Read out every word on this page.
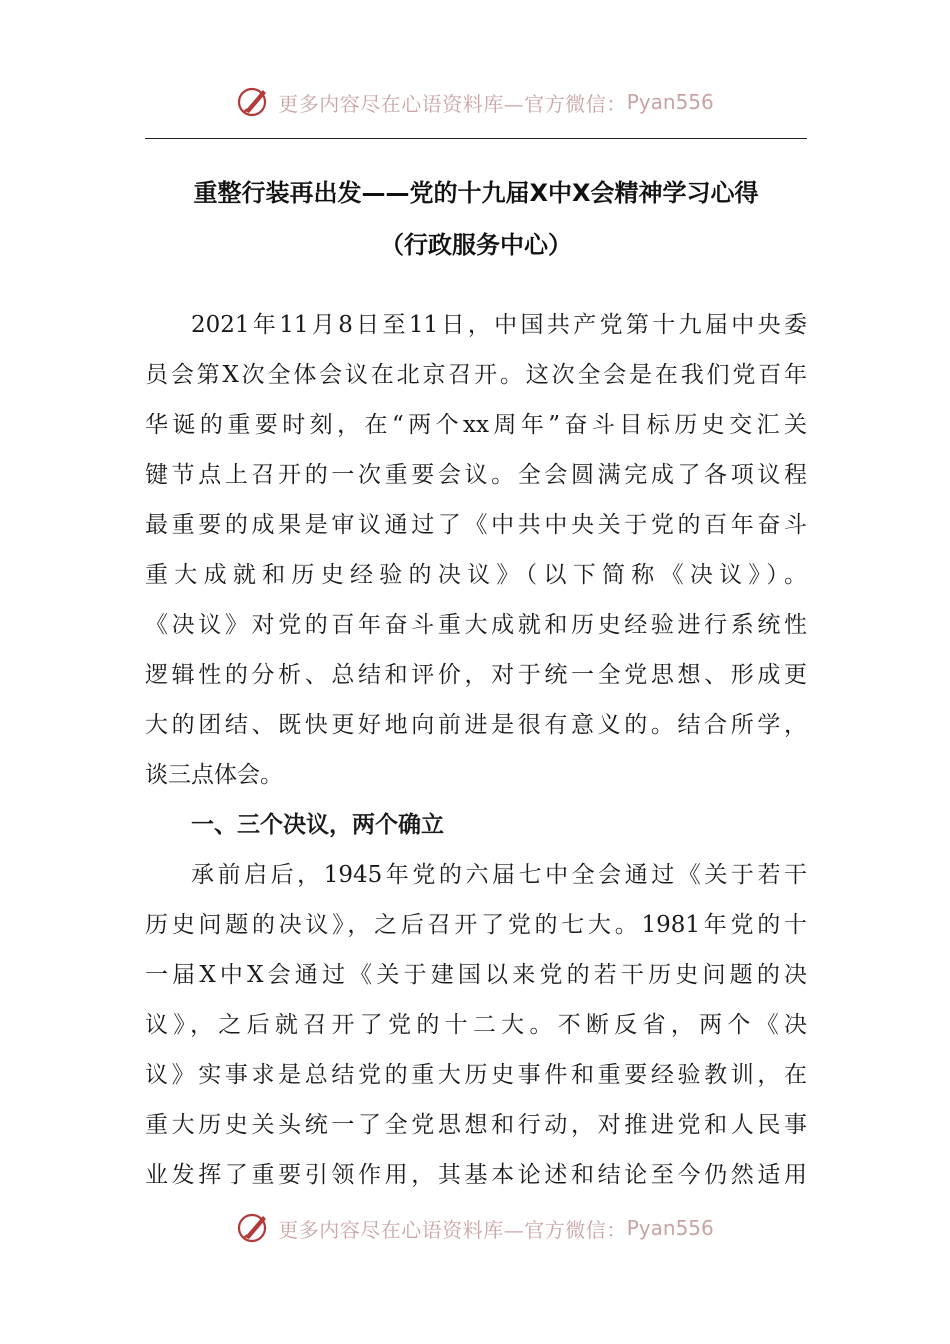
更多内容尽在心语资料库—官方微信： Pyan556
重整行装再出发——党的十九届X中X会精神学习心得
（行政服务中心）
2021年11月8日至11日，中国共产党第十九届中央委
员会第X次全体会议在北京召开。这次全会是在我们党百年
华诞的重要时刻，在“两个xx周年”奋斗目标历史交汇关
键节点上召开的一次重要会议。全会圆满完成了各项议程
最重要的成果是审议通过了《中共中央关于党的百年奋斗
重大成就和历史经验的决议》（以下简称《决议》）。
《决议》对党的百年奋斗重大成就和历史经验进行系统性
逻辑性的分析、总结和评价，对于统一全党思想、形成更
大的团结、既快更好地向前进是很有意义的。结合所学，
谈三点体会。
一、三个决议，两个确立
承前启后，1945年党的六届七中全会通过《关于若干
历史问题的决议》，之后召开了党的七大。1981年党的十
一届X中X会通过《关于建国以来党的若干历史问题的决
议》，之后就召开了党的十二大。不断反省，两个《决
议》实事求是总结党的重大历史事件和重要经验教训，在
重大历史关头统一了全党思想和行动，对推进党和人民事
业发挥了重要引领作用，其基本论述和结论至今仍然适用
更多内容尽在心语资料库—官方微信： Pyan556
